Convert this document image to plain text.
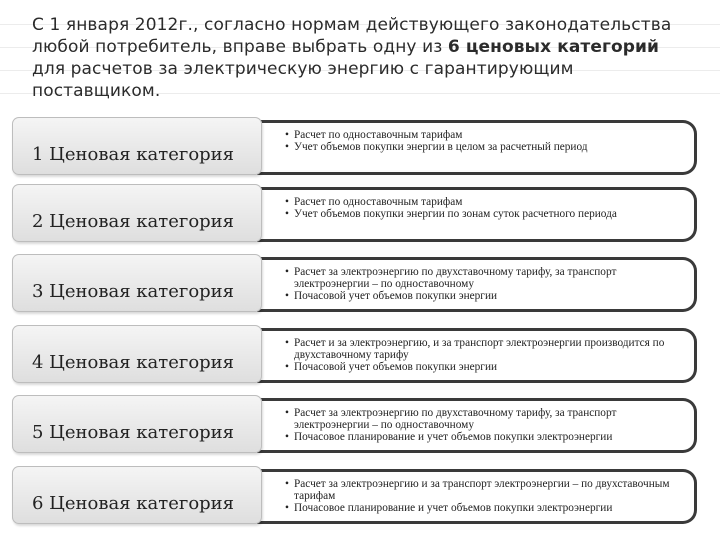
С 1 января 2012г., согласно нормам действующего законодательства любой потребитель, вправе выбрать одну из 6 ценовых категорий для расчетов за электрическую энергию с гарантирующим поставщиком.
• Расчет по одноставочным тарифам
• Учет объемов покупки энергии в целом за расчетный период
1 Ценовая категория
• Расчет по одноставочным тарифам
• Учет объемов покупки энергии по зонам суток расчетного периода
2 Ценовая категория
• Расчет за электроэнергию по двухставочному тарифу, за транспорт электроэнергии – по одноставочному
• Почасовой учет объемов покупки энергии
3 Ценовая категория
• Расчет и за электроэнергию, и за транспорт электроэнергии производится по двухставочному тарифу
• Почасовой учет объемов покупки энергии
4 Ценовая категория
• Расчет за электроэнергию по двухставочному тарифу, за транспорт электроэнергии – по одноставочному
• Почасовое планирование и учет объемов покупки электроэнергии
5 Ценовая категория
• Расчет за электроэнергию и за транспорт электроэнергии – по двухставочным тарифам
• Почасовое планирование и учет объемов покупки электроэнергии
6 Ценовая категория
